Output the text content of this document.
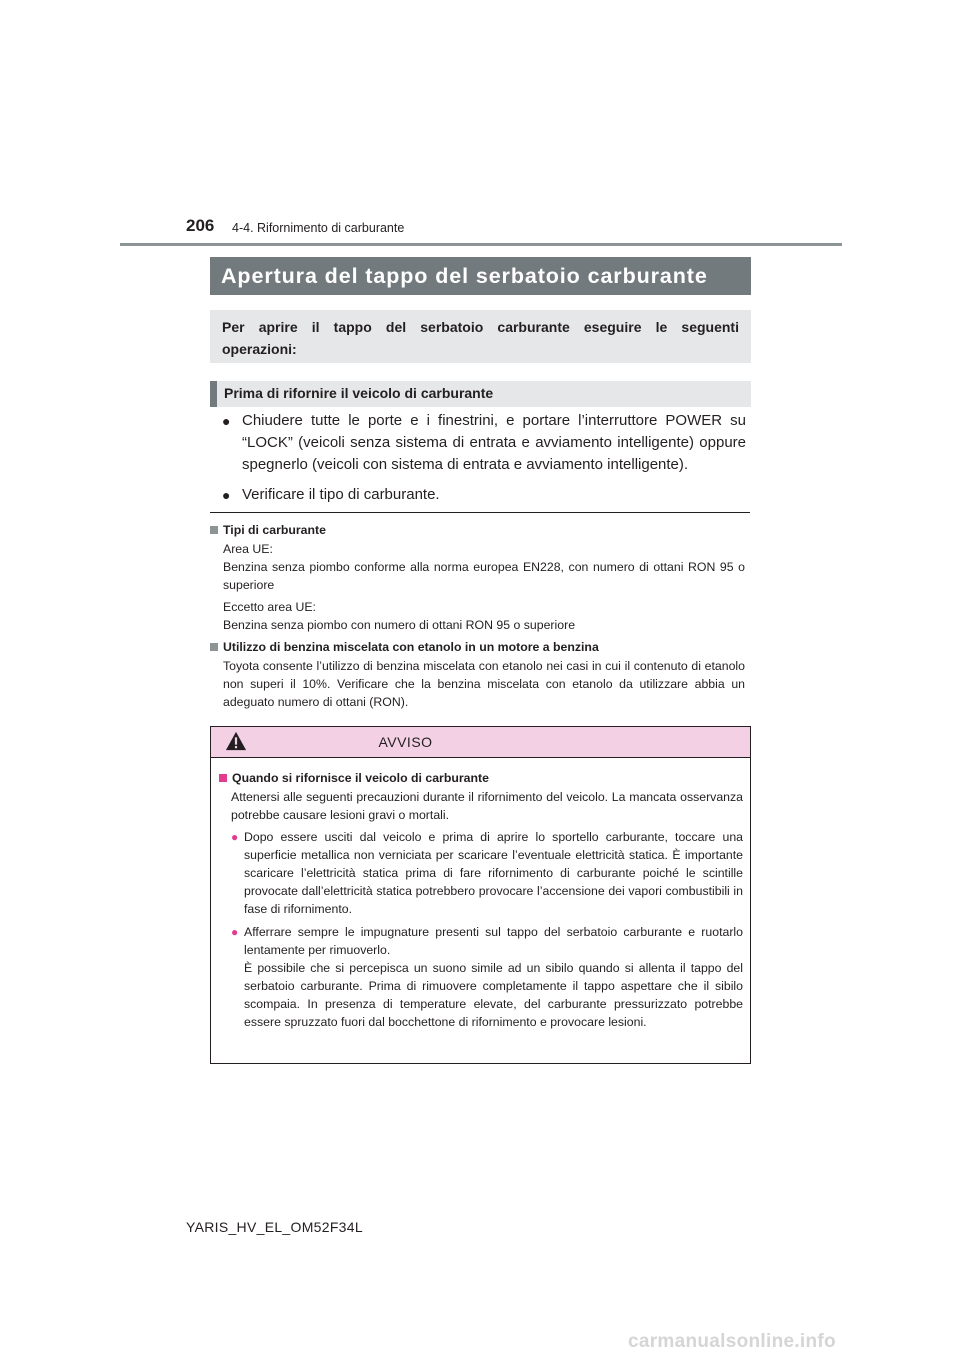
206 4-4. Rifornimento di carburante
Apertura del tappo del serbatoio carburante
Per aprire il tappo del serbatoio carburante eseguire le seguenti operazioni:
Prima di rifornire il veicolo di carburante
● Chiudere tutte le porte e i finestrini, e portare l’interruttore POWER su “LOCK” (veicoli senza sistema di entrata e avviamento intelligente) oppure spegnerlo (veicoli con sistema di entrata e avviamento intelligente).
● Verificare il tipo di carburante.
Tipi di carburante

Area UE:

Benzina senza piombo conforme alla norma europea EN228, con numero di ottani RON 95 o superiore

Eccetto area UE:

Benzina senza piombo con numero di ottani RON 95 o superiore

Utilizzo di benzina miscelata con etanolo in un motore a benzina

Toyota consente l’utilizzo di benzina miscelata con etanolo nei casi in cui il contenuto di etanolo non superi il 10%. Verificare che la benzina miscelata con etanolo da utilizzare abbia un adeguato numero di ottani (RON).

AVVISO
Quando si rifornisce il veicolo di carburante
Attenersi alle seguenti precauzioni durante il rifornimento del veicolo. La mancata osservanza potrebbe causare lesioni gravi o mortali.
● Dopo essere usciti dal veicolo e prima di aprire lo sportello carburante, toccare una superficie metallica non verniciata per scaricare l’eventuale elettricità statica. È importante scaricare l’elettricità statica prima di fare rifornimento di carburante poiché le scintille provocate dall’elettricità statica potrebbero provocare l’accensione dei vapori combustibili in fase di rifornimento.

● Afferrare sempre le impugnature presenti sul tappo del serbatoio carburante e ruotarlo lentamente per rimuoverlo.

È possibile che si percepisca un suono simile ad un sibilo quando si allenta il tappo del serbatoio carburante. Prima di rimuovere completamente il tappo aspettare che il sibilo scompaia. In presenza di temperature elevate, del carburante pressurizzato potrebbe essere spruzzato fuori dal bocchettone di rifornimento e provocare lesioni.

YARIS_HV_EL_OM52F34L
carmanualsonline.info
